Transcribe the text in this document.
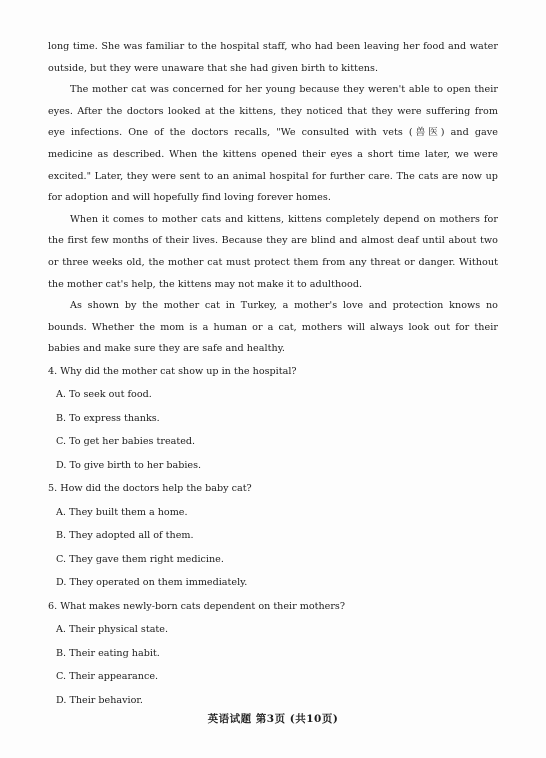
long time. She was familiar to the hospital staff, who had been leaving her food and water outside, but they were unaware that she had given birth to kittens.

The mother cat was concerned for her young because they weren't able to open their eyes. After the doctors looked at the kittens, they noticed that they were suffering from eye infections. One of the doctors recalls, "We consulted with vets (兽医) and gave medicine as described. When the kittens opened their eyes a short time later, we were excited." Later, they were sent to an animal hospital for further care. The cats are now up for adoption and will hopefully find loving forever homes.

When it comes to mother cats and kittens, kittens completely depend on mothers for the first few months of their lives. Because they are blind and almost deaf until about two or three weeks old, the mother cat must protect them from any threat or danger. Without the mother cat's help, the kittens may not make it to adulthood.

As shown by the mother cat in Turkey, a mother's love and protection knows no bounds. Whether the mom is a human or a cat, mothers will always look out for their babies and make sure they are safe and healthy.

4. Why did the mother cat show up in the hospital?

A. To seek out food.

B. To express thanks.

C. To get her babies treated.

D. To give birth to her babies.

5. How did the doctors help the baby cat?

A. They built them a home.

B. They adopted all of them.

C. They gave them right medicine.

D. They operated on them immediately.

6. What makes newly-born cats dependent on their mothers?

A. Their physical state.

B. Their eating habit.

C. Their appearance.

D. Their behavior.

英语试题 第3页 (共10页)
